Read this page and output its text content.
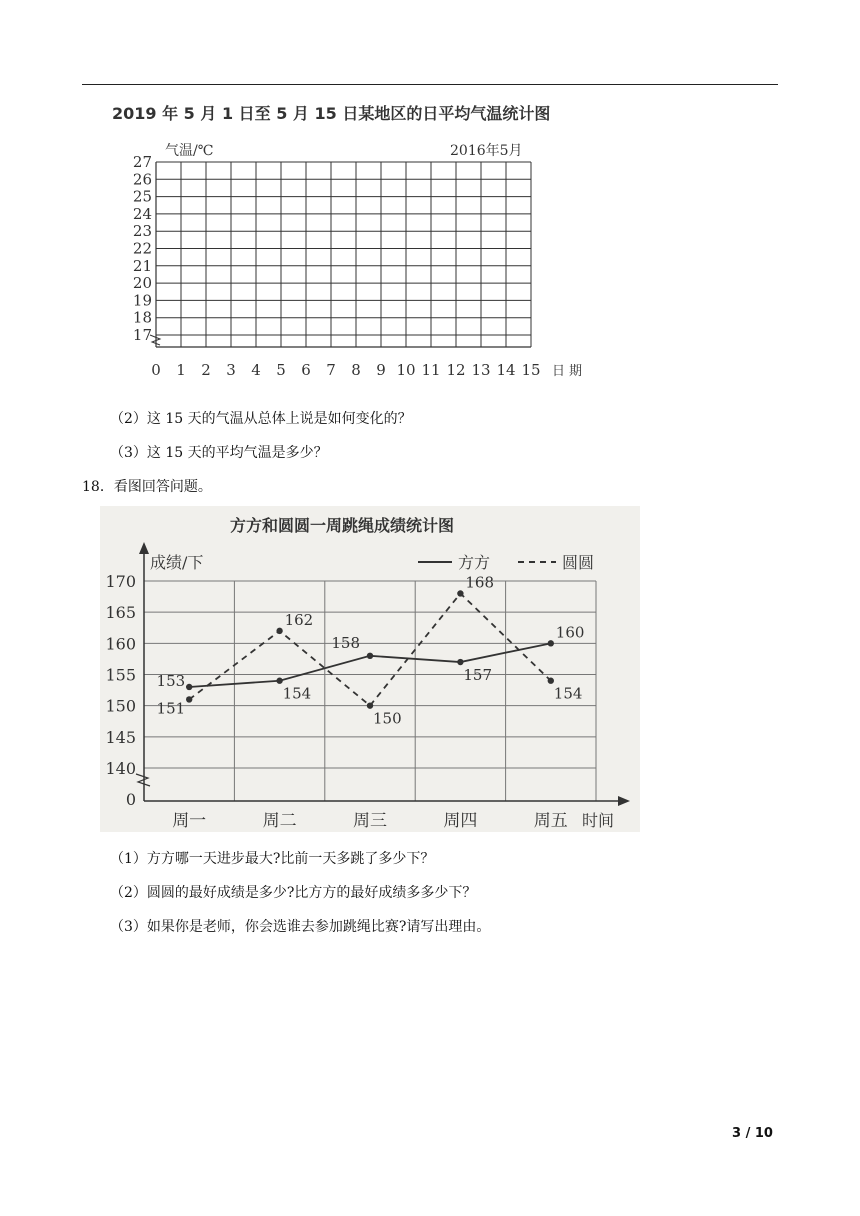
2019 年 5 月 1 日至 5 月 15 日某地区的日平均气温统计图
气温/℃	2016年5月
日期
17
18
19
20
21
22
23
24
25
26
27
0 1 2 3 4 5 6 7 8 9 10 11 12 13 14 15
（2）这 15 天的气温从总体上说是如何变化的？
（3）这 15 天的平均气温是多少？
18．看图回答问题。
方方和圆圆一周跳绳成绩统计图
成绩/下
时间
方方	圆圆
0
140
145
150
155
160
165
170
周一	周二	周三	周四	周五
153
154
158
157
160
151
162
150
168
154
（1）方方哪一天进步最大?比前一天多跳了多少下？
（2）圆圆的最好成绩是多少?比方方的最好成绩多多少下？
（3）如果你是老师，你会选谁去参加跳绳比赛?请写出理由。
3 / 10
